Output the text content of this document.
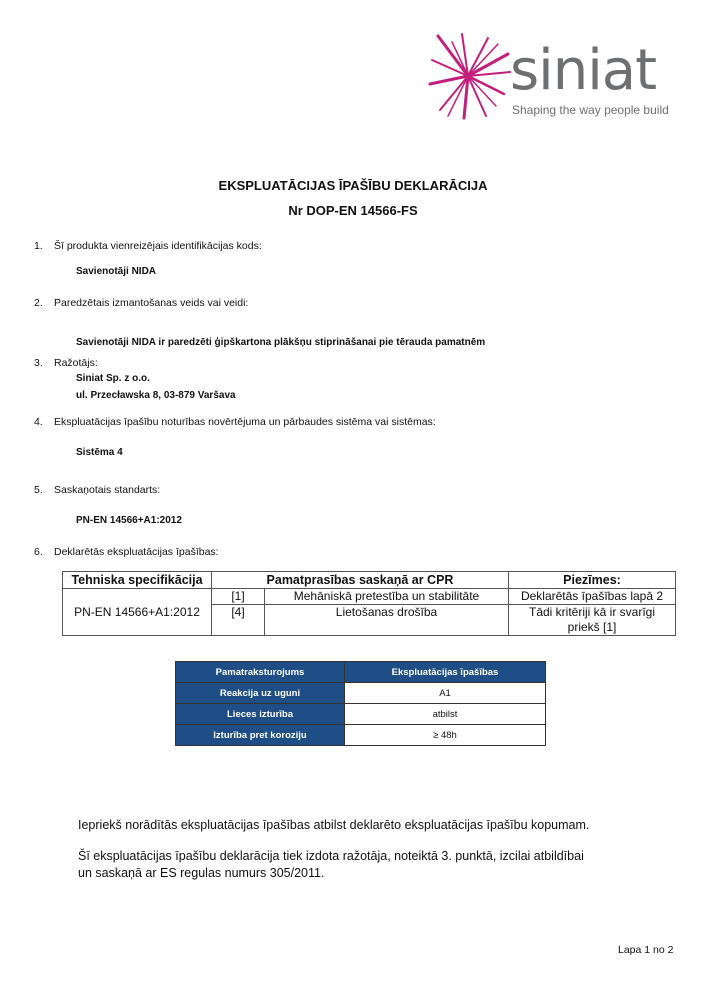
siniat
Shaping the way people build
EKSPLUATĀCIJAS ĪPAŠĪBU DEKLARĀCIJA
Nr DOP-EN 14566-FS
1. Šī produkta vienreizējais identifikācijas kods:
Savienotāji NIDA
2. Paredzētais izmantošanas veids vai veidi:
Savienotāji NIDA ir paredzēti ģipškartona plākšņu stiprināšanai pie tērauda pamatnēm
3. Ražotājs:
Siniat Sp. z o.o.
ul. Przecławska 8, 03-879 Varšava
4. Ekspluatācijas īpašību noturības novērtējuma un pārbaudes sistēma vai sistēmas:
Sistēma 4
5. Saskaņotais standarts:
PN-EN 14566+A1:2012
6. Deklarētās ekspluatācijas īpašības:
Tehniska specifikācija	Pamatprasības saskaņā ar CPR		Piezīmes:
PN-EN 14566+A1:2012	[1]	Mehāniskā pretestība un stabilitāte	Deklarētās īpašības lapā 2
	[4]	Lietošanas drošība	Tādi kritēriji kā ir svarīgi priekš [1]
Pamatraksturojums	Ekspluatācijas īpašības
Reakcija uz uguni	A1
Lieces izturība	atbilst
Izturība pret koroziju	≥ 48h
Iepriekš norādītās ekspluatācijas īpašības atbilst deklarēto ekspluatācijas īpašību kopumam.
Šī ekspluatācijas īpašību deklarācija tiek izdota ražotāja, noteiktā 3. punktā, izcilai atbildībai
un saskaņā ar ES regulas numurs 305/2011.
Lapa 1 no 2
